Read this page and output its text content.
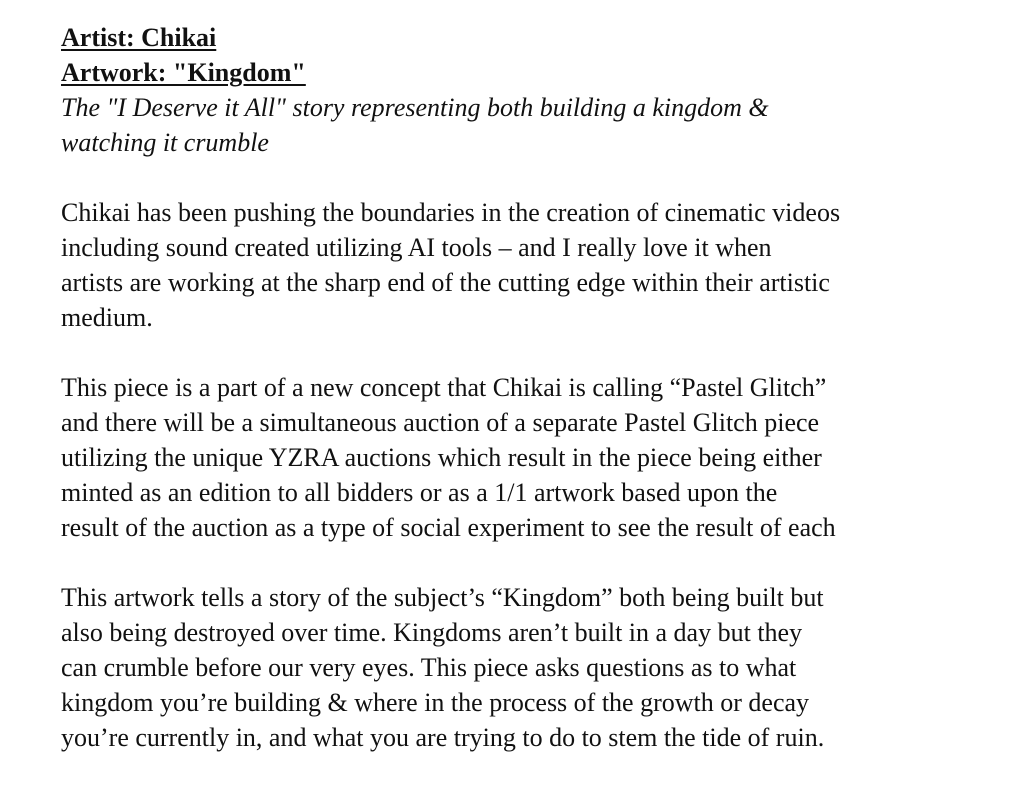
Artist: Chikai
Artwork: "Kingdom"
The "I Deserve it All" story representing both building a kingdom &
watching it crumble

Chikai has been pushing the boundaries in the creation of cinematic videos
including sound created utilizing AI tools – and I really love it when
artists are working at the sharp end of the cutting edge within their artistic
medium.

This piece is a part of a new concept that Chikai is calling “Pastel Glitch”
and there will be a simultaneous auction of a separate Pastel Glitch piece
utilizing the unique YZRA auctions which result in the piece being either
minted as an edition to all bidders or as a 1/1 artwork based upon the
result of the auction as a type of social experiment to see the result of each

This artwork tells a story of the subject’s “Kingdom” both being built but
also being destroyed over time. Kingdoms aren’t built in a day but they
can crumble before our very eyes. This piece asks questions as to what
kingdom you’re building & where in the process of the growth or decay
you’re currently in, and what you are trying to do to stem the tide of ruin.
